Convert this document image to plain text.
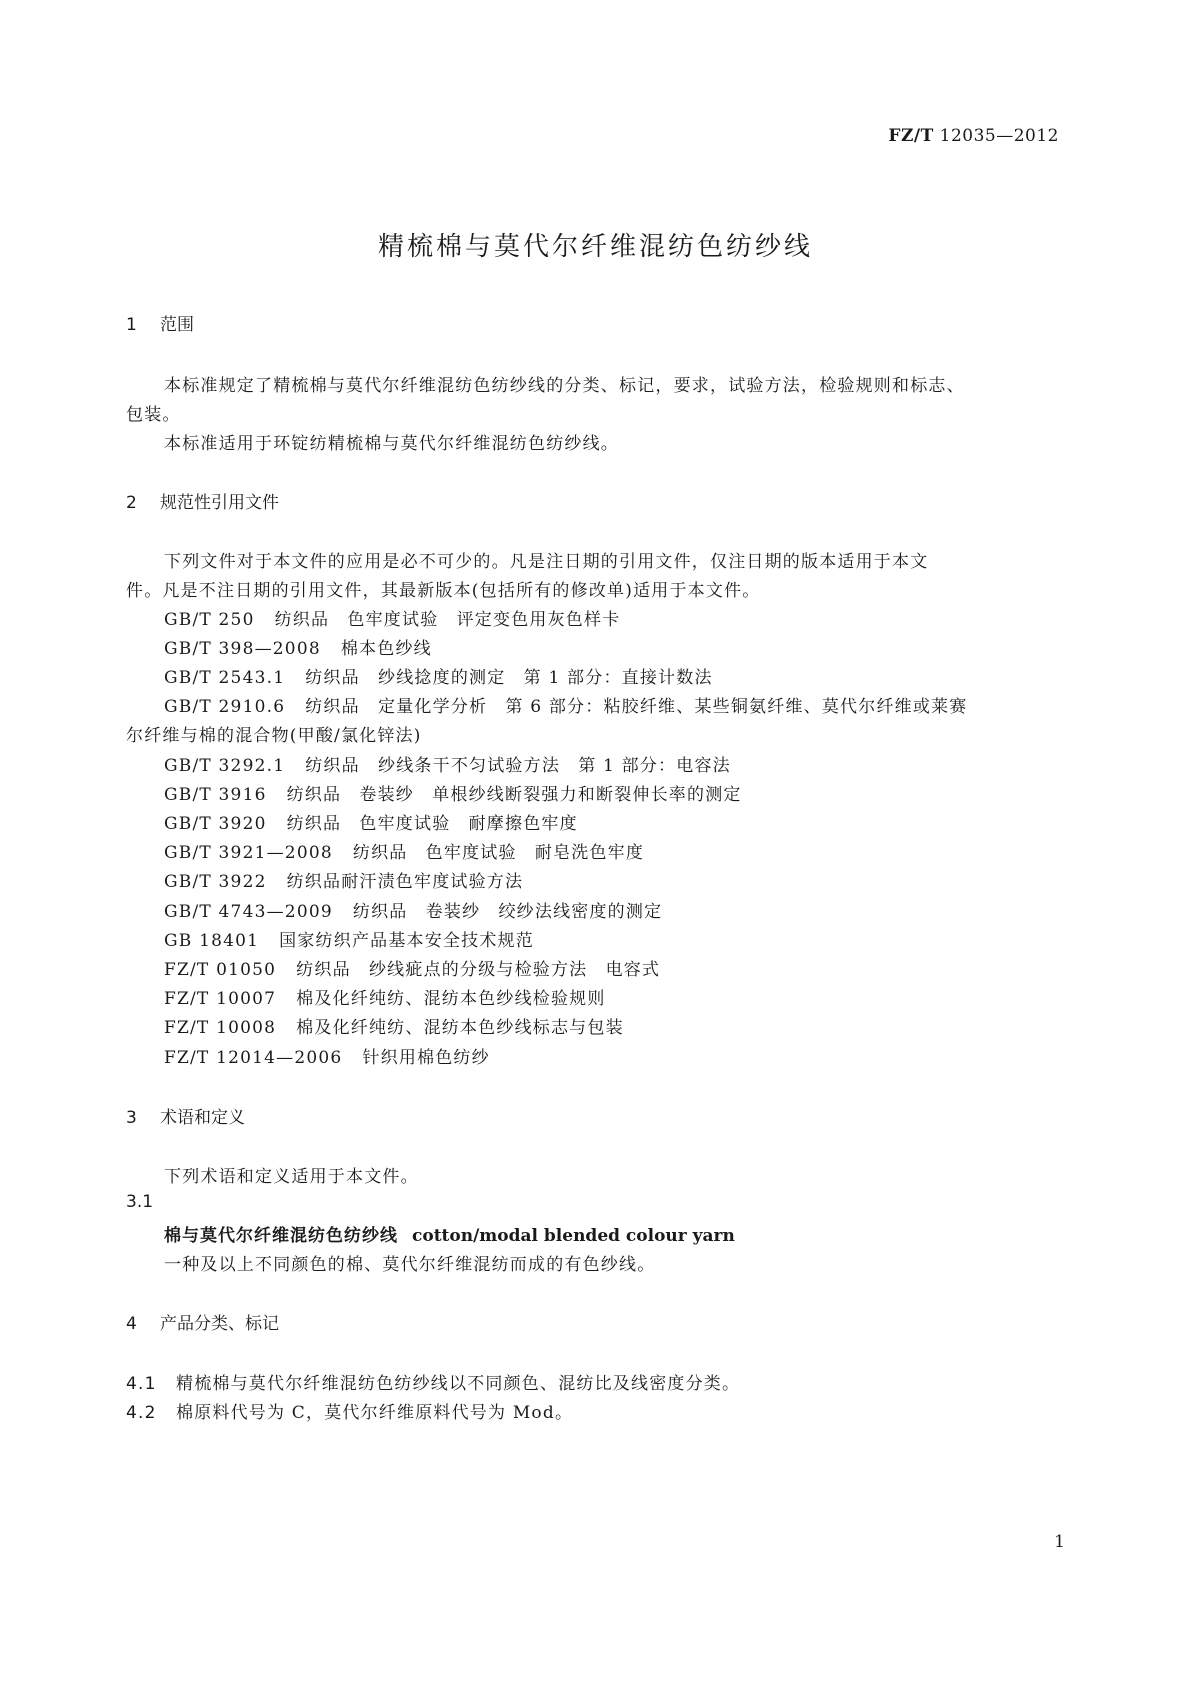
FZ/T 12035—2012
精梳棉与莫代尔纤维混纺色纺纱线
1 范围
本标准规定了精梳棉与莫代尔纤维混纺色纺纱线的分类、标记，要求，试验方法，检验规则和标志、
包装。
本标准适用于环锭纺精梳棉与莫代尔纤维混纺色纺纱线。
2 规范性引用文件
下列文件对于本文件的应用是必不可少的。凡是注日期的引用文件，仅注日期的版本适用于本文
件。凡是不注日期的引用文件，其最新版本(包括所有的修改单)适用于本文件。
GB/T 250 纺织品　色牢度试验　评定变色用灰色样卡
GB/T 398—2008 棉本色纱线
GB/T 2543.1 纺织品　纱线捻度的测定　第 1 部分：直接计数法
GB/T 2910.6 纺织品　定量化学分析　第 6 部分：粘胶纤维、某些铜氨纤维、莫代尔纤维或莱赛
尔纤维与棉的混合物(甲酸/氯化锌法)
GB/T 3292.1 纺织品　纱线条干不匀试验方法　第 1 部分：电容法
GB/T 3916 纺织品　卷装纱　单根纱线断裂强力和断裂伸长率的测定
GB/T 3920 纺织品　色牢度试验　耐摩擦色牢度
GB/T 3921—2008 纺织品　色牢度试验　耐皂洗色牢度
GB/T 3922 纺织品耐汗渍色牢度试验方法
GB/T 4743—2009 纺织品　卷装纱　绞纱法线密度的测定
GB 18401 国家纺织产品基本安全技术规范
FZ/T 01050 纺织品　纱线疵点的分级与检验方法　电容式
FZ/T 10007 棉及化纤纯纺、混纺本色纱线检验规则
FZ/T 10008 棉及化纤纯纺、混纺本色纱线标志与包装
FZ/T 12014—2006 针织用棉色纺纱
3 术语和定义
下列术语和定义适用于本文件。
3.1
棉与莫代尔纤维混纺色纺纱线 cotton/modal blended colour yarn
一种及以上不同颜色的棉、莫代尔纤维混纺而成的有色纱线。
4 产品分类、标记
4.1 精梳棉与莫代尔纤维混纺色纺纱线以不同颜色、混纺比及线密度分类。
4.2 棉原料代号为 C，莫代尔纤维原料代号为 Mod。
1
